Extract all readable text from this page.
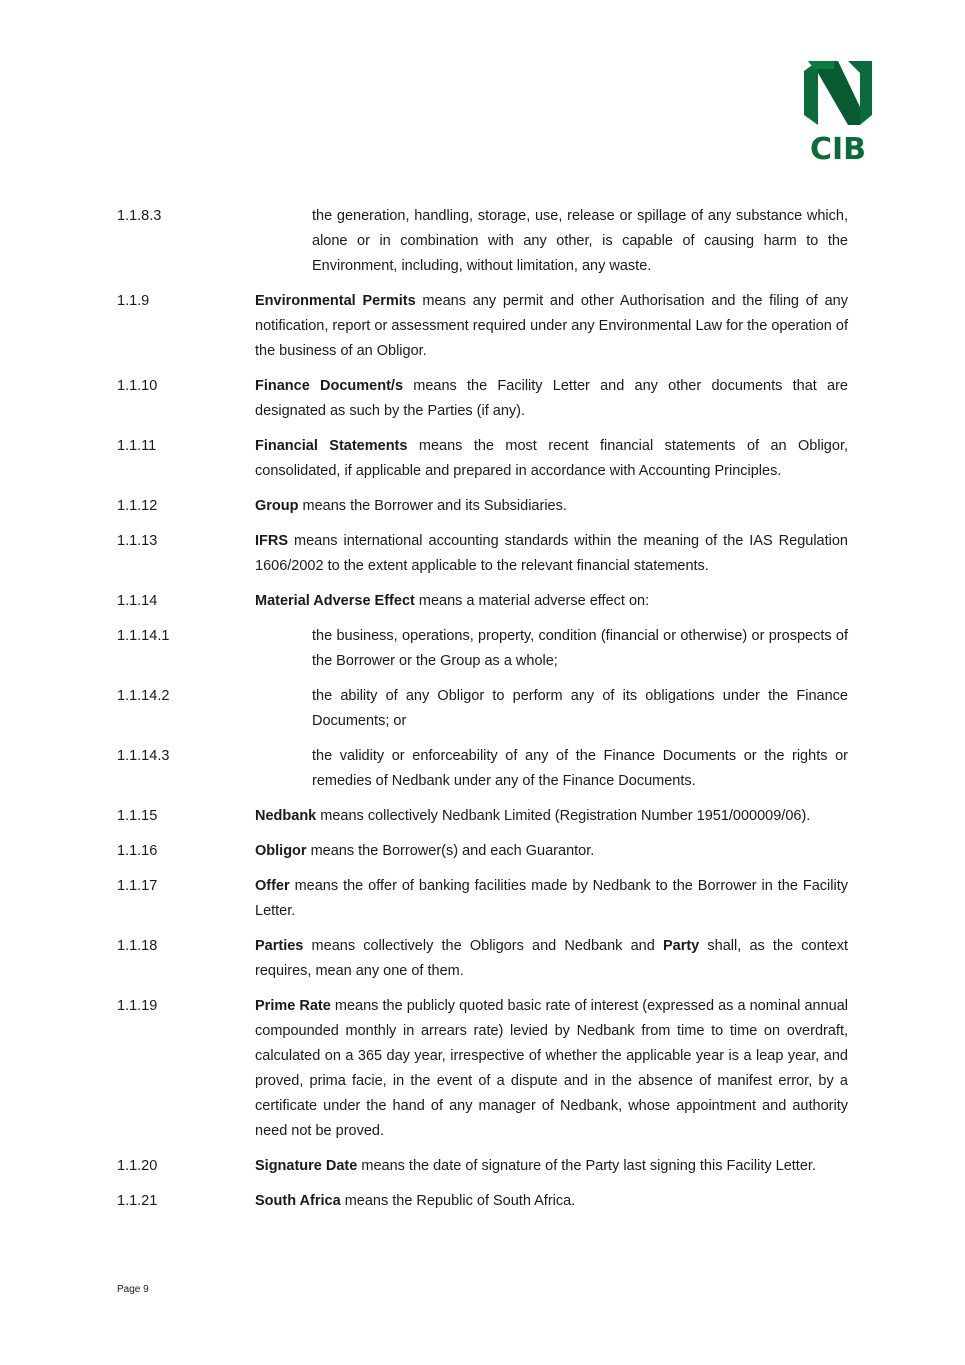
CIB
1.1.8.3	the generation, handling, storage, use, release or spillage of any substance which, alone or in combination with any other, is capable of causing harm to the Environment, including, without limitation, any waste.
1.1.9	Environmental Permits means any permit and other Authorisation and the filing of any notification, report or assessment required under any Environmental Law for the operation of the business of an Obligor.
1.1.10	Finance Document/s means the Facility Letter and any other documents that are designated as such by the Parties (if any).
1.1.11	Financial Statements means the most recent financial statements of an Obligor, consolidated, if applicable and prepared in accordance with Accounting Principles.
1.1.12	Group means the Borrower and its Subsidiaries.
1.1.13	IFRS means international accounting standards within the meaning of the IAS Regulation 1606/2002 to the extent applicable to the relevant financial statements.
1.1.14	Material Adverse Effect means a material adverse effect on:
1.1.14.1	the business, operations, property, condition (financial or otherwise) or prospects of the Borrower or the Group as a whole;
1.1.14.2	the ability of any Obligor to perform any of its obligations under the Finance Documents; or
1.1.14.3	the validity or enforceability of any of the Finance Documents or the rights or remedies of Nedbank under any of the Finance Documents.
1.1.15	Nedbank means collectively Nedbank Limited (Registration Number 1951/000009/06).
1.1.16	Obligor means the Borrower(s) and each Guarantor.
1.1.17	Offer means the offer of banking facilities made by Nedbank to the Borrower in the Facility Letter.
1.1.18	Parties means collectively the Obligors and Nedbank and Party shall, as the context requires, mean any one of them.
1.1.19	Prime Rate means the publicly quoted basic rate of interest (expressed as a nominal annual compounded monthly in arrears rate) levied by Nedbank from time to time on overdraft, calculated on a 365 day year, irrespective of whether the applicable year is a leap year, and proved, prima facie, in the event of a dispute and in the absence of manifest error, by a certificate under the hand of any manager of Nedbank, whose appointment and authority need not be proved.
1.1.20	Signature Date means the date of signature of the Party last signing this Facility Letter.
1.1.21	South Africa means the Republic of South Africa.
Page 9
